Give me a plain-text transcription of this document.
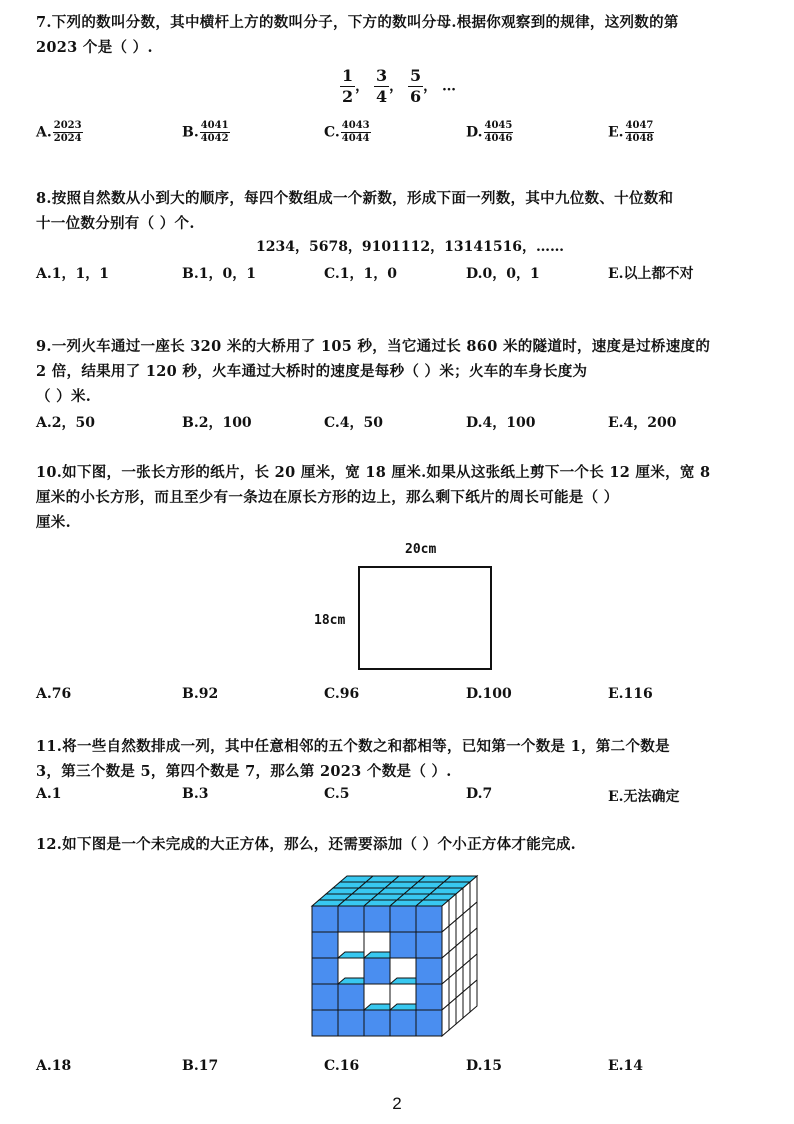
7.下列的数叫分数，其中横杆上方的数叫分子，下方的数叫分母.根据你观察到的规律，这列数的第
2023 个是（ ）.
$\frac{1}{2}$ ， $\frac{3}{4}$ ， $\frac{5}{6}$ ， …
A. $\frac{2023}{2024}$	B. $\frac{4041}{4042}$	C. $\frac{4043}{4044}$	D. $\frac{4045}{4046}$	E. $\frac{4047}{4048}$
8.按照自然数从小到大的顺序，每四个数组成一个新数，形成下面一列数，其中九位数、十位数和
十一位数分别有（ ）个.
1234，5678，9101112，13141516，……
A.1，1，1	B.1，0，1	C.1，1，0	D.0，0，1	E.以上都不对
9.一列火车通过一座长 320 米的大桥用了 105 秒，当它通过长 860 米的隧道时，速度是过桥速度的
2 倍，结果用了 120 秒，火车通过大桥时的速度是每秒（ ）米；火车的车身长度为
（ ）米.
A.2，50	B.2，100	C.4，50	D.4，100	E.4，200
10.如下图，一张长方形的纸片，长 20 厘米，宽 18 厘米.如果从这张纸上剪下一个长 12 厘米，宽 8
厘米的小长方形，而且至少有一条边在原长方形的边上，那么剩下纸片的周长可能是（ ）
厘米.
20cm
18cm
A.76	B.92	C.96	D.100	E.116
11.将一些自然数排成一列，其中任意相邻的五个数之和都相等，已知第一个数是 1，第二个数是
3，第三个数是 5，第四个数是 7，那么第 2023 个数是（ ）.
A.1	B.3	C.5	D.7	E.无法确定
12.如下图是一个未完成的大正方体，那么，还需要添加（ ）个小正方体才能完成.
A.18	B.17	C.16	D.15	E.14
2
